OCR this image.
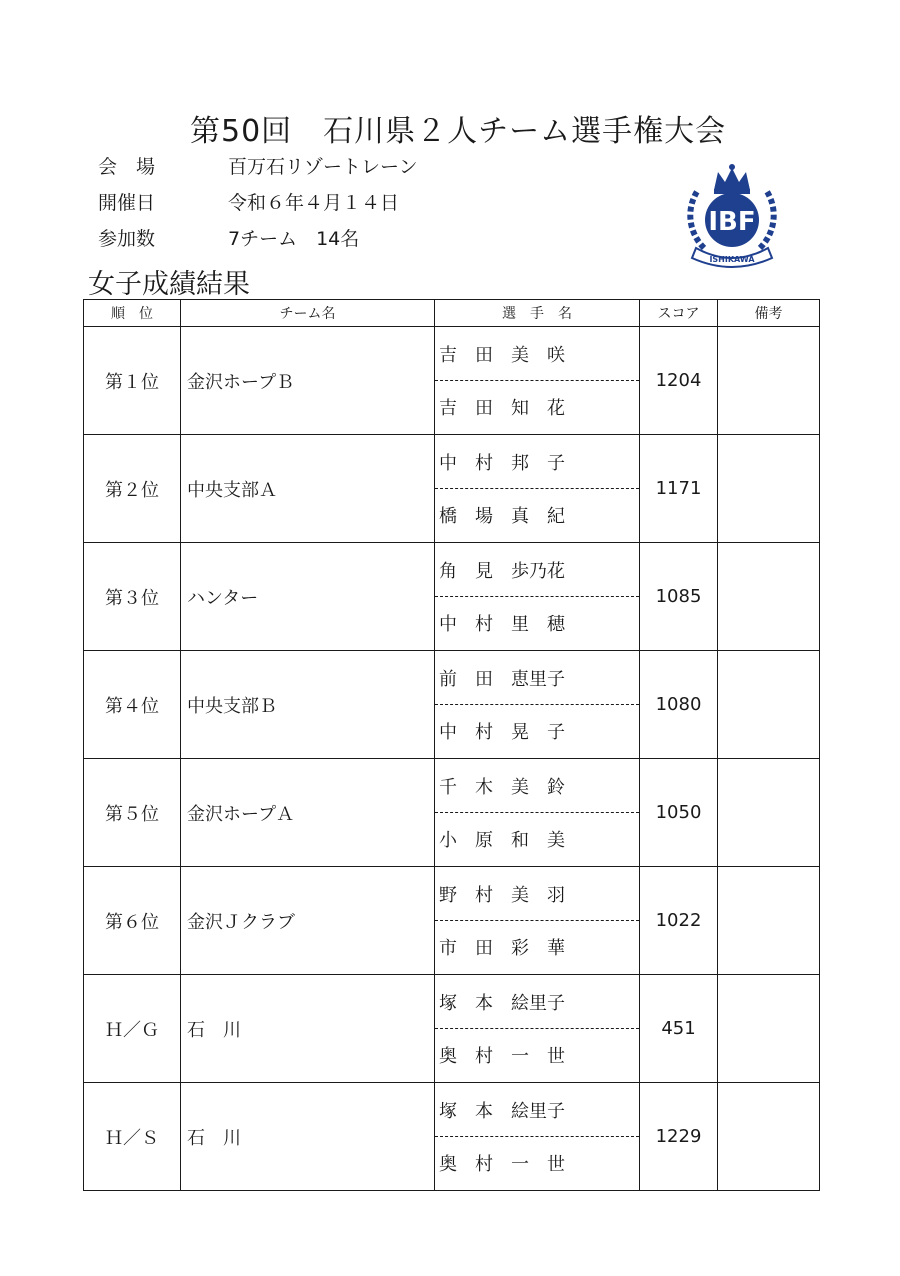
第50回　石川県２人チーム選手権大会
会　場	百万石リゾートレーン
開催日	令和６年４月１４日
参加数	7チーム　14名
IBF
ISHIKAWA
女子成績結果
順　位	チーム名	選　手　名	スコア	備考
第１位	金沢ホープＢ	吉　田　美　咲
吉　田　知　花	1204	
第２位	中央支部Ａ	中　村　邦　子
橋　場　真　紀	1171	
第３位	ハンター	角　見　歩乃花
中　村　里　穂	1085	
第４位	中央支部Ｂ	前　田　恵里子
中　村　晃　子	1080	
第５位	金沢ホープＡ	千　木　美　鈴
小　原　和　美	1050	
第６位	金沢Ｊクラブ	野　村　美　羽
市　田　彩　華	1022	
Ｈ／Ｇ	石　川	塚　本　絵里子
奥　村　一　世	451	
Ｈ／Ｓ	石　川	塚　本　絵里子
奥　村　一　世	1229	
